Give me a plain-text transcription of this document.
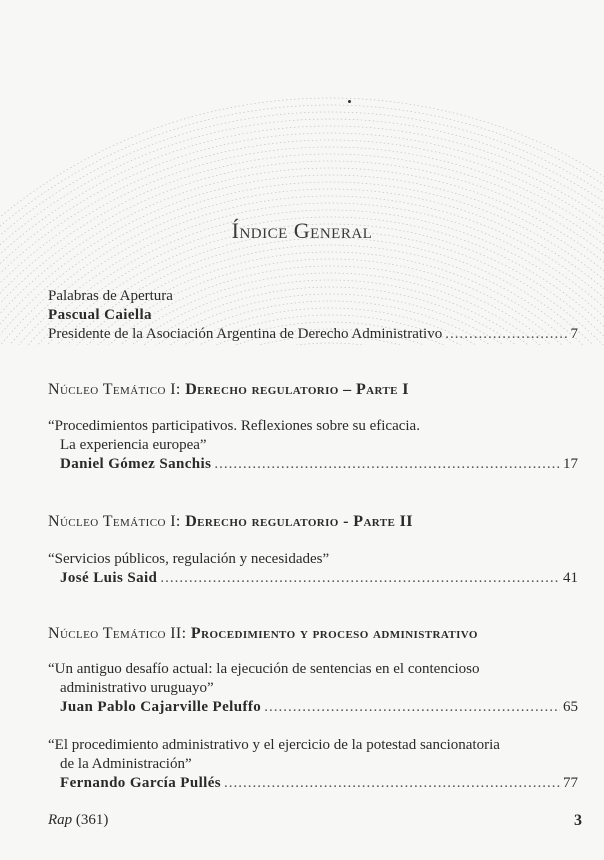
Índice General
Palabras de Apertura
Pascual Caiella
Presidente de la Asociación Argentina de Derecho Administrativo .....	7
Núcleo Temático I: Derecho regulatorio – Parte I
“Procedimientos participativos. Reflexiones sobre su eficacia.
La experiencia europea”
Daniel Gómez Sanchis .....	17
Núcleo Temático I: Derecho regulatorio - Parte II
“Servicios públicos, regulación y necesidades”
José Luis Said .....	41
Núcleo Temático II: Procedimiento y proceso administrativo
“Un antiguo desafío actual: la ejecución de sentencias en el contencioso
administrativo uruguayo”
Juan Pablo Cajarville Peluffo .....	65
“El procedimiento administrativo y el ejercicio de la potestad sancionatoria
de la Administración”
Fernando García Pullés .....	77
Rap (361)	3
